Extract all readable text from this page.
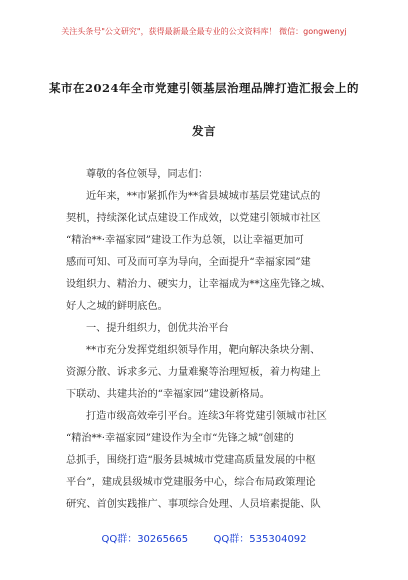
关注头条号"公文研究"，获得最新最全最专业的公文资料库！ 微信：gongwenyj
某市在2024年全市党建引领基层治理品牌打造汇报会上的
发言
尊敬的各位领导，同志们：
近年来，**市紧抓作为**省县城城市基层党建试点的
契机，持续深化试点建设工作成效，以党建引领城市社区
“精治**·幸福家园”建设工作为总领，以让幸福更加可
感而可知、可及而可享为导向，全面提升“幸福家园”建
设组织力、精治力、硬实力，让幸福成为**这座先锋之城、
好人之城的鲜明底色。
一、提升组织力，创优共治平台
**市充分发挥党组织领导作用，靶向解决条块分割、
资源分散、诉求多元、力量难聚等治理短板，着力构建上
下联动、共建共治的“幸福家园”建设新格局。
打造市级高效牵引平台。连续3年将党建引领城市社区
“精治**·幸福家园”建设作为全市“先锋之城”创建的
总抓手，围绕打造“服务县城城市党建高质量发展的中枢
平台”，建成县级城市党建服务中心，综合布局政策理论
研究、首创实践推广、事项综合处理、人员培素提能、队
QQ群：30265665        QQ群：535304092
